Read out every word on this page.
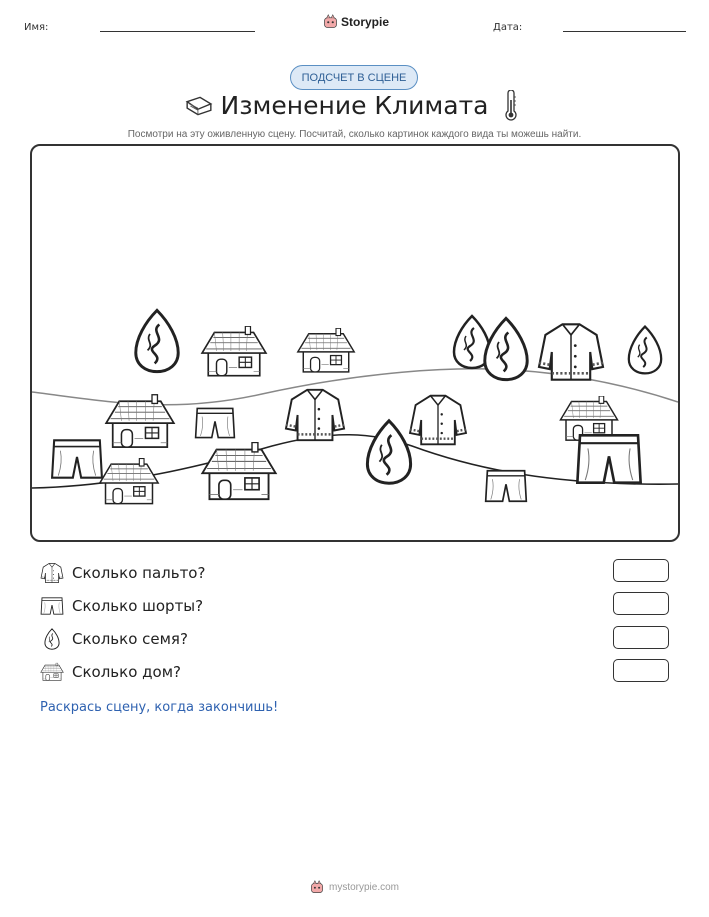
Имя:	Storypie	Дата:
ПОДСЧЕТ В СЦЕНЕ
Изменение Климата
Посмотри на эту оживленную сцену. Посчитай, сколько картинок каждого вида ты можешь найти.
Сколько пальто?
Сколько шорты?
Сколько семя?
Сколько дом?
Раскрась сцену, когда закончишь!
mystorypie.com
